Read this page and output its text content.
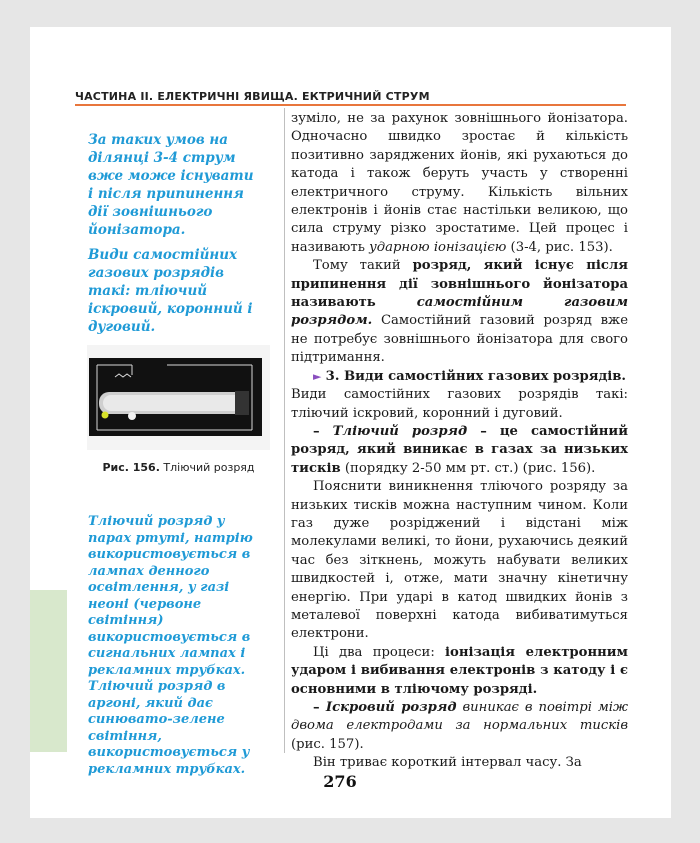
ЧАСТИНА ІІ. ЕЛЕКТРИЧНІ ЯВИЩА. ЕКТРИЧНИЙ СТРУМ
За таких умов на ділянці 3-4 струм вже може існувати і після припинення дії зовнішнього йонізатора.
Види самостійних газових розрядів такі: тліючий іскровий, коронний і дуговий.
Рис. 156. Тліючий розряд
Тліючий розряд у парах ртуті, натрію використовується в лампах денного освітлення, у газі неоні (червоне світіння) використовується в сигнальних лампах і рекламних трубках. Тліючий розряд в аргоні, який дає синювато-зелене світіння, використовується у рекламних трубках.

зуміло, не за рахунок зовнішнього йонізатора. Одночасно швидко зростає й кількість позитивно заряджених йонів, які рухаються до катода і також беруть участь у створенні електричного струму. Кількість вільних електронів і йонів стає настільки великою, що сила струму різко зростатиме. Цей процес і називають ударною іонізацією (3-4, рис. 153).

Тому такий розряд, який існує після припинення дії зовнішнього йонізатора називають самостійним газовим розрядом. Самостійний газовий розряд вже не потребує зовнішнього йонізатора для свого підтримання.

► 3. Види самостійних газових розрядів.

Види самостійних газових розрядів такі: тліючий іскровий, коронний і дуговий.

– Тліючий розряд – це самостійний розряд, який виникає в газах за низьких тисків (порядку 2-50 мм рт. ст.) (рис. 156).

Пояснити виникнення тліючого розряду за низьких тисків можна наступним чином. Коли газ дуже розріджений і відстані між молекулами великі, то йони, рухаючись деякий час без зіткнень, можуть набувати великих швидкостей і, отже, мати значну кінетичну енергію. При ударі в катод швидких йонів з металевої поверхні катода вибиватимуться електрони.

Ці два процеси: іонізація електронним ударом і вибивання електронів з катоду і є основними в тліючому розряді.

– Іскровий розряд виникає в повітрі між двома електродами за нормальних тисків (рис. 157).

Він триває короткий інтервал часу. За

276
